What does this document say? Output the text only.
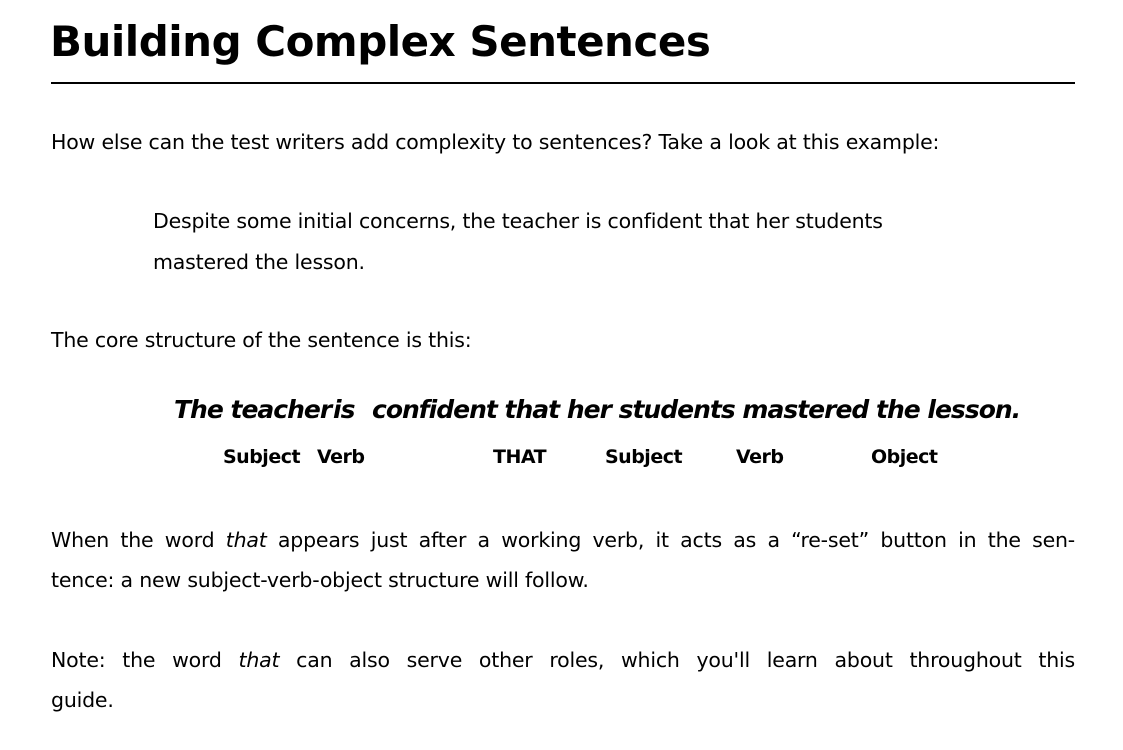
Building Complex Sentences

How else can the test writers add complexity to sentences? Take a look at this example:

Despite some initial concerns, the teacher is confident that her students
mastered the lesson.

The core structure of the sentence is this:

The teacher is confident that her students mastered the lesson.
Subject Verb	THAT	Subject	Verb	Object

When the word that appears just after a working verb, it acts as a “re-set” button in the sen-
tence: a new subject-verb-object structure will follow.

Note: the word that can also serve other roles, which you'll learn about throughout this
guide.
